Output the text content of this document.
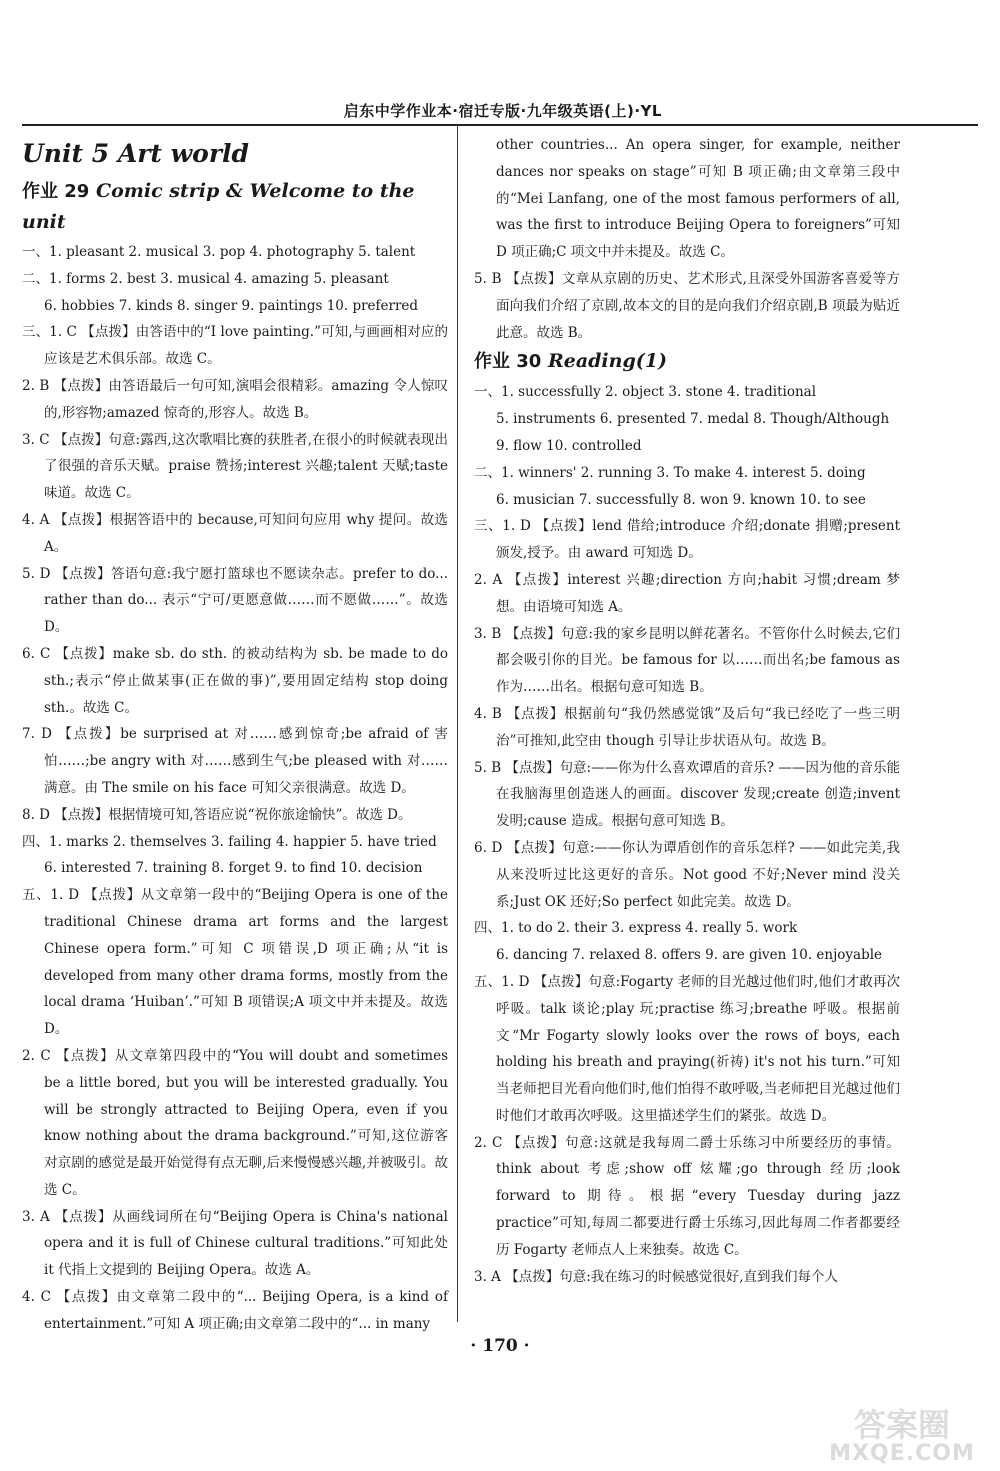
启东中学作业本·宿迁专版·九年级英语(上)·YL
Unit 5 Art world
作业 29 Comic strip & Welcome to the unit

一、1. pleasant 2. musical 3. pop 4. photography 5. talent

二、1. forms 2. best 3. musical 4. amazing 5. pleasant

6. hobbies 7. kinds 8. singer 9. paintings 10. preferred

三、1. C 【点拨】由答语中的“I love painting.”可知,与画画相对应的应该是艺术俱乐部。故选 C。

2. B 【点拨】由答语最后一句可知,演唱会很精彩。amazing 令人惊叹的,形容物;amazed 惊奇的,形容人。故选 B。

3. C 【点拨】句意:露西,这次歌唱比赛的获胜者,在很小的时候就表现出了很强的音乐天赋。praise 赞扬;interest 兴趣;talent 天赋;taste 味道。故选 C。

4. A 【点拨】根据答语中的 because,可知问句应用 why 提问。故选 A。

5. D 【点拨】答语句意:我宁愿打篮球也不愿读杂志。prefer to do... rather than do... 表示“宁可/更愿意做……而不愿做……”。故选 D。

6. C 【点拨】make sb. do sth. 的被动结构为 sb. be made to do sth.;表示“停止做某事(正在做的事)”,要用固定结构 stop doing sth.。故选 C。

7. D 【点拨】be surprised at 对……感到惊奇;be afraid of 害怕……;be angry with 对……感到生气;be pleased with 对……满意。由 The smile on his face 可知父亲很满意。故选 D。

8. D 【点拨】根据情境可知,答语应说“祝你旅途愉快”。故选 D。

四、1. marks 2. themselves 3. failing 4. happier 5. have tried

6. interested 7. training 8. forget 9. to find 10. decision

五、1. D 【点拨】从文章第一段中的“Beijing Opera is one of the traditional Chinese drama art forms and the largest Chinese opera form.”可知 C 项错误,D 项正确;从“it is developed from many other drama forms, mostly from the local drama ‘Huiban’.”可知 B 项错误;A 项文中并未提及。故选 D。

2. C 【点拨】从文章第四段中的“You will doubt and sometimes be a little bored, but you will be interested gradually. You will be strongly attracted to Beijing Opera, even if you know nothing about the drama background.”可知,这位游客对京剧的感觉是最开始觉得有点无聊,后来慢慢感兴趣,并被吸引。故选 C。

3. A 【点拨】从画线词所在句“Beijing Opera is China's national opera and it is full of Chinese cultural traditions.”可知此处 it 代指上文提到的 Beijing Opera。故选 A。

4. C 【点拨】由文章第二段中的“... Beijing Opera, is a kind of entertainment.”可知 A 项正确;由文章第二段中的“... in many

other countries... An opera singer, for example, neither dances nor speaks on stage”可知 B 项正确;由文章第三段中的“Mei Lanfang, one of the most famous performers of all, was the first to introduce Beijing Opera to foreigners”可知 D 项正确;C 项文中并未提及。故选 C。

5. B 【点拨】文章从京剧的历史、艺术形式,且深受外国游客喜爱等方面向我们介绍了京剧,故本文的目的是向我们介绍京剧,B 项最为贴近此意。故选 B。

作业 30 Reading(1)

一、1. successfully 2. object 3. stone 4. traditional

5. instruments 6. presented 7. medal 8. Though/Although

9. flow 10. controlled

二、1. winners' 2. running 3. To make 4. interest 5. doing

6. musician 7. successfully 8. won 9. known 10. to see

三、1. D 【点拨】lend 借给;introduce 介绍;donate 捐赠;present 颁发,授予。由 award 可知选 D。

2. A 【点拨】interest 兴趣;direction 方向;habit 习惯;dream 梦想。由语境可知选 A。

3. B 【点拨】句意:我的家乡昆明以鲜花著名。不管你什么时候去,它们都会吸引你的目光。be famous for 以……而出名;be famous as 作为……出名。根据句意可知选 B。

4. B 【点拨】根据前句“我仍然感觉饿”及后句“我已经吃了一些三明治”可推知,此空由 though 引导让步状语从句。故选 B。

5. B 【点拨】句意:——你为什么喜欢谭盾的音乐? ——因为他的音乐能在我脑海里创造迷人的画面。discover 发现;create 创造;invent 发明;cause 造成。根据句意可知选 B。

6. D 【点拨】句意:——你认为谭盾创作的音乐怎样? ——如此完美,我从来没听过比这更好的音乐。Not good 不好;Never mind 没关系;Just OK 还好;So perfect 如此完美。故选 D。

四、1. to do 2. their 3. express 4. really 5. work

6. dancing 7. relaxed 8. offers 9. are given 10. enjoyable

五、1. D 【点拨】句意:Fogarty 老师的目光越过他们时,他们才敢再次呼吸。talk 谈论;play 玩;practise 练习;breathe 呼吸。根据前文“Mr Fogarty slowly looks over the rows of boys, each holding his breath and praying(祈祷) it's not his turn.”可知当老师把目光看向他们时,他们怕得不敢呼吸,当老师把目光越过他们时他们才敢再次呼吸。这里描述学生们的紧张。故选 D。

2. C 【点拨】句意:这就是我每周二爵士乐练习中所要经历的事情。think about 考虑;show off 炫耀;go through 经历;look forward to 期待。根据“every Tuesday during jazz practice”可知,每周二都要进行爵士乐练习,因此每周二作者都要经历 Fogarty 老师点人上来独奏。故选 C。

3. A 【点拨】句意:我在练习的时候感觉很好,直到我们每个人

· 170 ·
答案圈
MXQE.COM
